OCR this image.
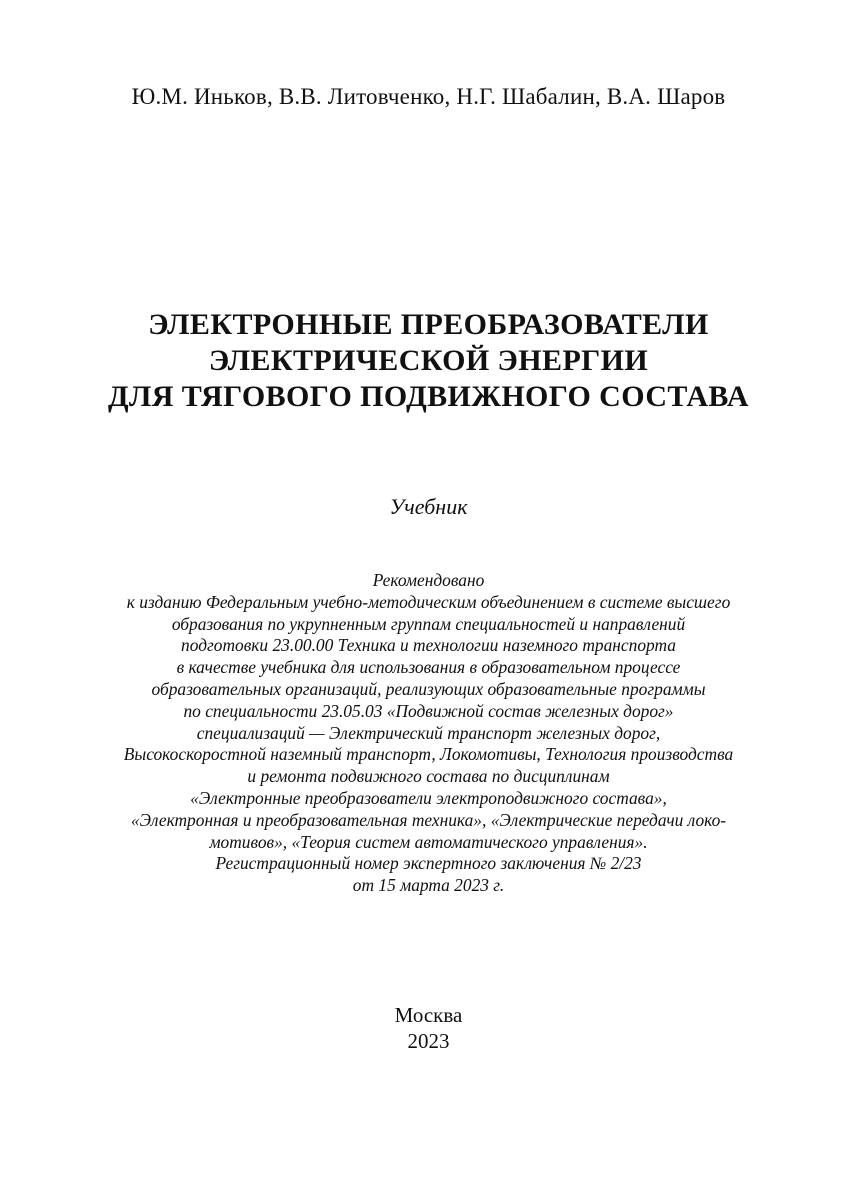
Ю.М. Иньков, В.В. Литовченко, Н.Г. Шабалин, В.А. Шаров
ЭЛЕКТРОННЫЕ ПРЕОБРАЗОВАТЕЛИ
ЭЛЕКТРИЧЕСКОЙ ЭНЕРГИИ
ДЛЯ ТЯГОВОГО ПОДВИЖНОГО СОСТАВА
Учебник
Рекомендовано
к изданию Федеральным учебно-методическим объединением в системе высшего
образования по укрупненным группам специальностей и направлений
подготовки 23.00.00 Техника и технологии наземного транспорта
в качестве учебника для использования в образовательном процессе
образовательных организаций, реализующих образовательные программы
по специальности 23.05.03 «Подвижной состав железных дорог»
специализаций — Электрический транспорт железных дорог,
Высокоскоростной наземный транспорт, Локомотивы, Технология производства
и ремонта подвижного состава по дисциплинам
«Электронные преобразователи электроподвижного состава»,
«Электронная и преобразовательная техника», «Электрические передачи локо-
мотивов», «Теория систем автоматического управления».
Регистрационный номер экспертного заключения № 2/23
от 15 марта 2023 г.
Москва
2023
